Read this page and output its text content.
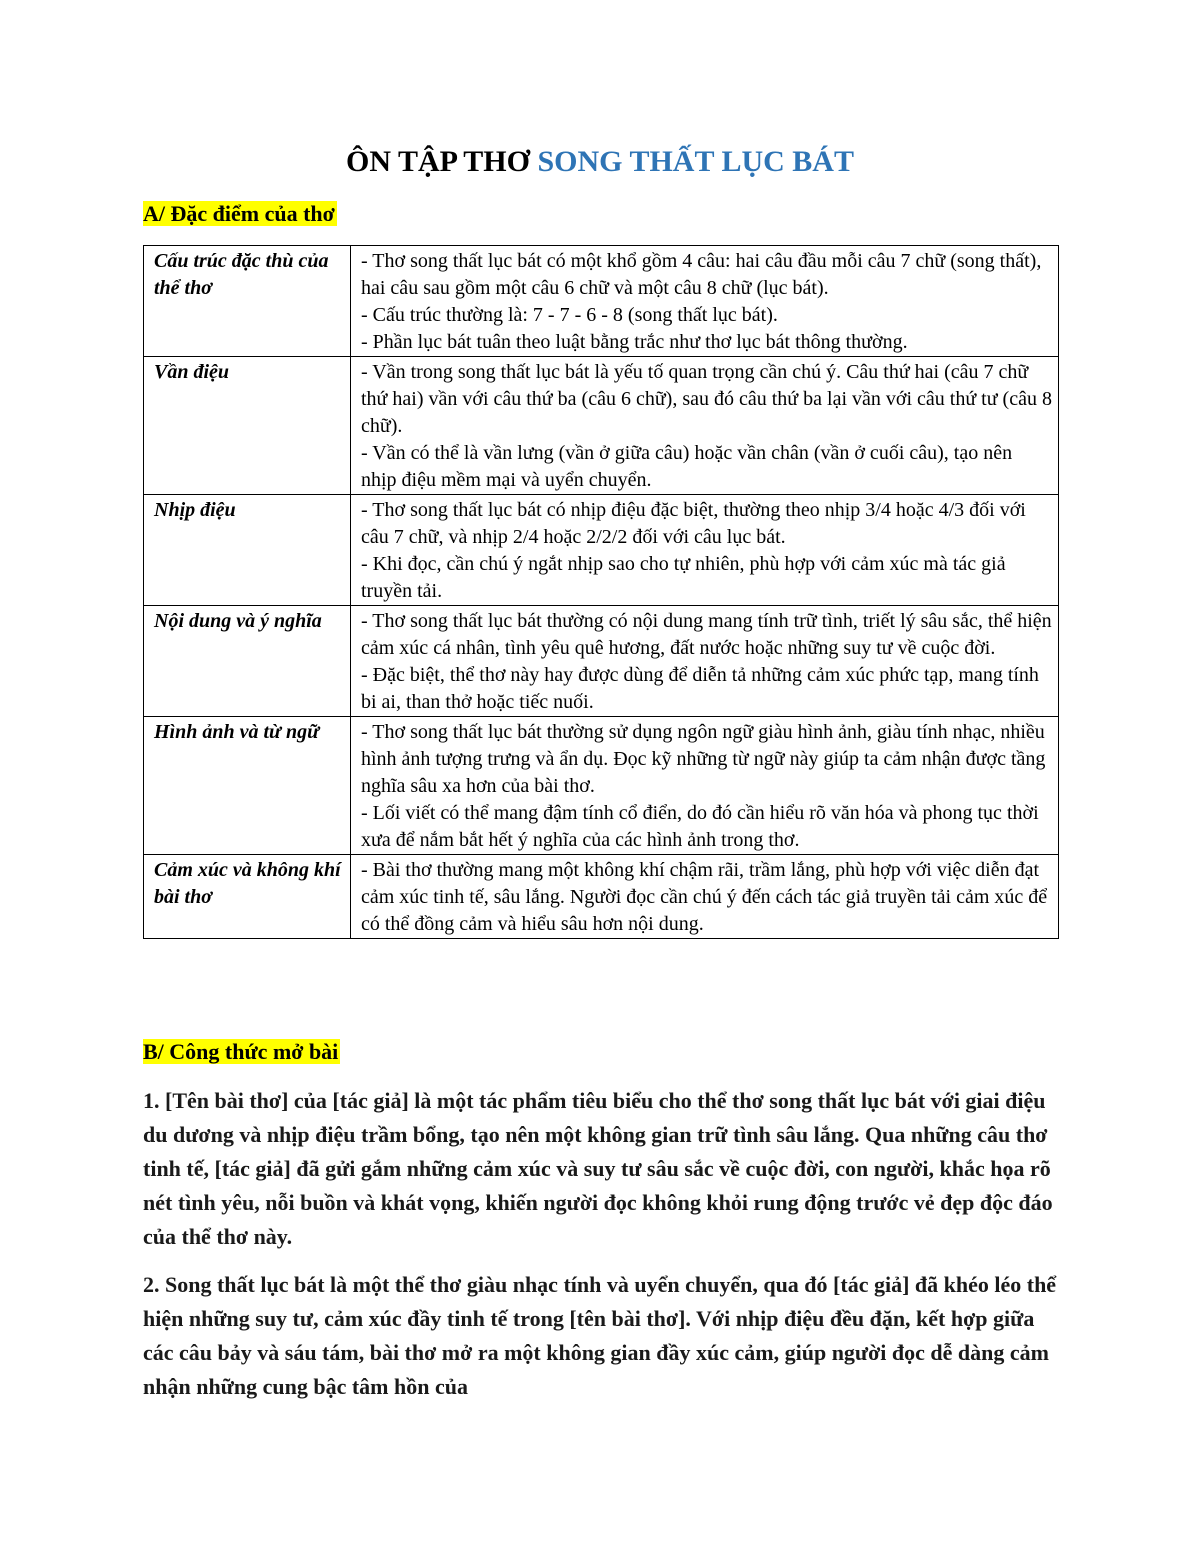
ÔN TẬP THƠ SONG THẤT LỤC BÁT
A/ Đặc điểm của thơ
Cấu trúc đặc thù của thể thơ	- Thơ song thất lục bát có một khổ gồm 4 câu: hai câu đầu mỗi câu 7 chữ (song thất), hai câu sau gồm một câu 6 chữ và một câu 8 chữ (lục bát).
- Cấu trúc thường là: 7 - 7 - 6 - 8 (song thất lục bát).
- Phần lục bát tuân theo luật bằng trắc như thơ lục bát thông thường.

Vần điệu	- Vần trong song thất lục bát là yếu tố quan trọng cần chú ý. Câu thứ hai (câu 7 chữ thứ hai) vần với câu thứ ba (câu 6 chữ), sau đó câu thứ ba lại vần với câu thứ tư (câu 8 chữ).
- Vần có thể là vần lưng (vần ở giữa câu) hoặc vần chân (vần ở cuối câu), tạo nên nhịp điệu mềm mại và uyển chuyển.

Nhịp điệu	- Thơ song thất lục bát có nhịp điệu đặc biệt, thường theo nhịp 3/4 hoặc 4/3 đối với câu 7 chữ, và nhịp 2/4 hoặc 2/2/2 đối với câu lục bát.
- Khi đọc, cần chú ý ngắt nhịp sao cho tự nhiên, phù hợp với cảm xúc mà tác giả truyền tải.

Nội dung và ý nghĩa	- Thơ song thất lục bát thường có nội dung mang tính trữ tình, triết lý sâu sắc, thể hiện cảm xúc cá nhân, tình yêu quê hương, đất nước hoặc những suy tư về cuộc đời.
- Đặc biệt, thể thơ này hay được dùng để diễn tả những cảm xúc phức tạp, mang tính bi ai, than thở hoặc tiếc nuối.

Hình ảnh và từ ngữ	- Thơ song thất lục bát thường sử dụng ngôn ngữ giàu hình ảnh, giàu tính nhạc, nhiều hình ảnh tượng trưng và ẩn dụ. Đọc kỹ những từ ngữ này giúp ta cảm nhận được tầng nghĩa sâu xa hơn của bài thơ.
- Lối viết có thể mang đậm tính cổ điển, do đó cần hiểu rõ văn hóa và phong tục thời xưa để nắm bắt hết ý nghĩa của các hình ảnh trong thơ.

Cảm xúc và không khí bài thơ	- Bài thơ thường mang một không khí chậm rãi, trầm lắng, phù hợp với việc diễn đạt cảm xúc tinh tế, sâu lắng. Người đọc cần chú ý đến cách tác giả truyền tải cảm xúc để có thể đồng cảm và hiểu sâu hơn nội dung.
B/ Công thức mở bài
1. [Tên bài thơ] của [tác giả] là một tác phẩm tiêu biểu cho thể thơ song thất lục bát với giai điệu du dương và nhịp điệu trầm bổng, tạo nên một không gian trữ tình sâu lắng. Qua những câu thơ tinh tế, [tác giả] đã gửi gắm những cảm xúc và suy tư sâu sắc về cuộc đời, con người, khắc họa rõ nét tình yêu, nỗi buồn và khát vọng, khiến người đọc không khỏi rung động trước vẻ đẹp độc đáo của thể thơ này.
2. Song thất lục bát là một thể thơ giàu nhạc tính và uyển chuyển, qua đó [tác giả] đã khéo léo thể hiện những suy tư, cảm xúc đầy tinh tế trong [tên bài thơ]. Với nhịp điệu đều đặn, kết hợp giữa các câu bảy và sáu tám, bài thơ mở ra một không gian đầy xúc cảm, giúp người đọc dễ dàng cảm nhận những cung bậc tâm hồn của
